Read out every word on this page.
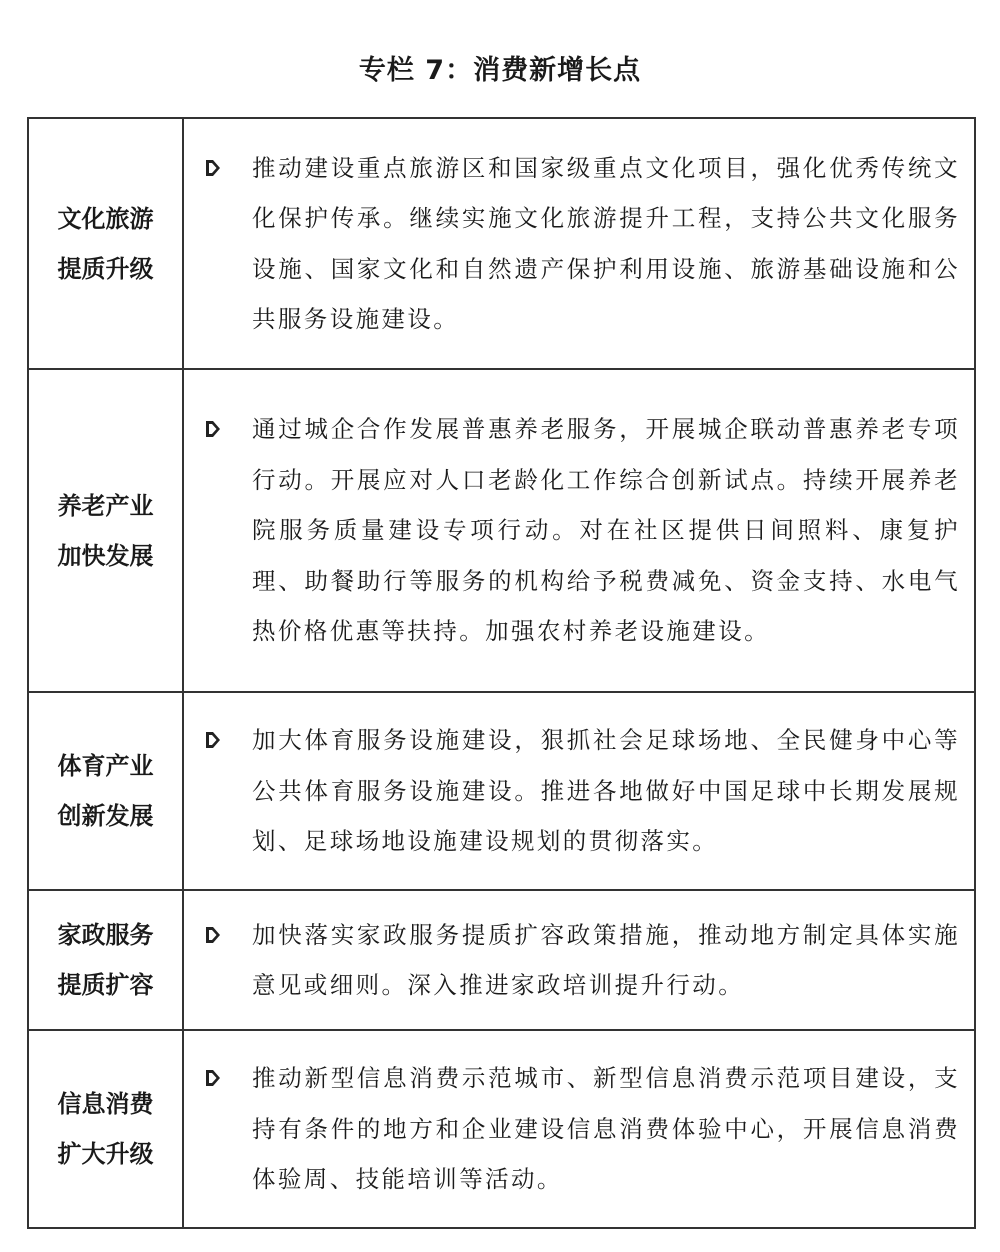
专栏 7：消费新增长点
文化旅游
提质升级
推动建设重点旅游区和国家级重点文化项目，强化优秀传统文化保护传承。继续实施文化旅游提升工程，支持公共文化服务设施、国家文化和自然遗产保护利用设施、旅游基础设施和公共服务设施建设。
养老产业
加快发展
通过城企合作发展普惠养老服务，开展城企联动普惠养老专项行动。开展应对人口老龄化工作综合创新试点。持续开展养老院服务质量建设专项行动。对在社区提供日间照料、康复护理、助餐助行等服务的机构给予税费减免、资金支持、水电气热价格优惠等扶持。加强农村养老设施建设。
体育产业
创新发展
加大体育服务设施建设，狠抓社会足球场地、全民健身中心等公共体育服务设施建设。推进各地做好中国足球中长期发展规划、足球场地设施建设规划的贯彻落实。
家政服务
提质扩容
加快落实家政服务提质扩容政策措施，推动地方制定具体实施意见或细则。深入推进家政培训提升行动。
信息消费
扩大升级
推动新型信息消费示范城市、新型信息消费示范项目建设，支持有条件的地方和企业建设信息消费体验中心，开展信息消费体验周、技能培训等活动。
